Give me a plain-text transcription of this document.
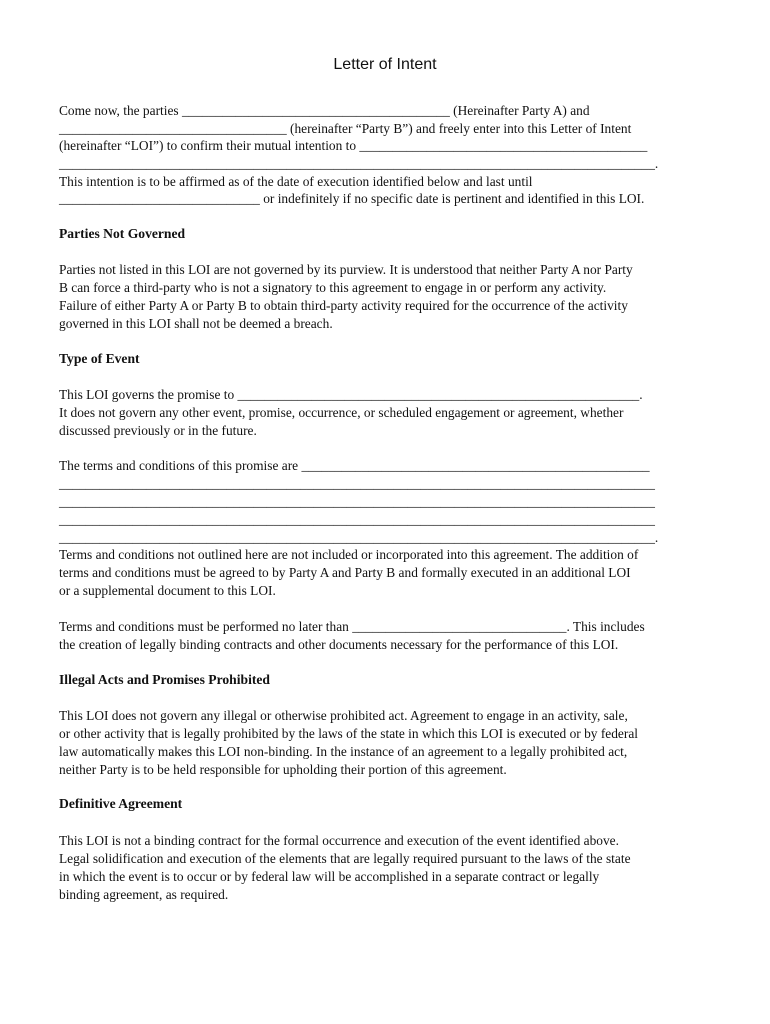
Letter of Intent
Come now, the parties ________________________________________ (Hereinafter Party A) and
__________________________________ (hereinafter “Party B”) and freely enter into this Letter of Intent
(hereinafter “LOI”) to confirm their mutual intention to ___________________________________________
_________________________________________________________________________________________.
This intention is to be affirmed as of the date of execution identified below and last until
______________________________ or indefinitely if no specific date is pertinent and identified in this LOI.
Parties Not Governed
Parties not listed in this LOI are not governed by its purview. It is understood that neither Party A nor Party
B can force a third-party who is not a signatory to this agreement to engage in or perform any activity.
Failure of either Party A or Party B to obtain third-party activity required for the occurrence of the activity
governed in this LOI shall not be deemed a breach.
Type of Event
This LOI governs the promise to ____________________________________________________________.
It does not govern any other event, promise, occurrence, or scheduled engagement or agreement, whether
discussed previously or in the future.
The terms and conditions of this promise are ____________________________________________________
_________________________________________________________________________________________
_________________________________________________________________________________________
_________________________________________________________________________________________
_________________________________________________________________________________________.
Terms and conditions not outlined here are not included or incorporated into this agreement. The addition of
terms and conditions must be agreed to by Party A and Party B and formally executed in an additional LOI
or a supplemental document to this LOI.
Terms and conditions must be performed no later than ________________________________. This includes
the creation of legally binding contracts and other documents necessary for the performance of this LOI.
Illegal Acts and Promises Prohibited
This LOI does not govern any illegal or otherwise prohibited act. Agreement to engage in an activity, sale,
or other activity that is legally prohibited by the laws of the state in which this LOI is executed or by federal
law automatically makes this LOI non-binding. In the instance of an agreement to a legally prohibited act,
neither Party is to be held responsible for upholding their portion of this agreement.
Definitive Agreement
This LOI is not a binding contract for the formal occurrence and execution of the event identified above.
Legal solidification and execution of the elements that are legally required pursuant to the laws of the state
in which the event is to occur or by federal law will be accomplished in a separate contract or legally
binding agreement, as required.
